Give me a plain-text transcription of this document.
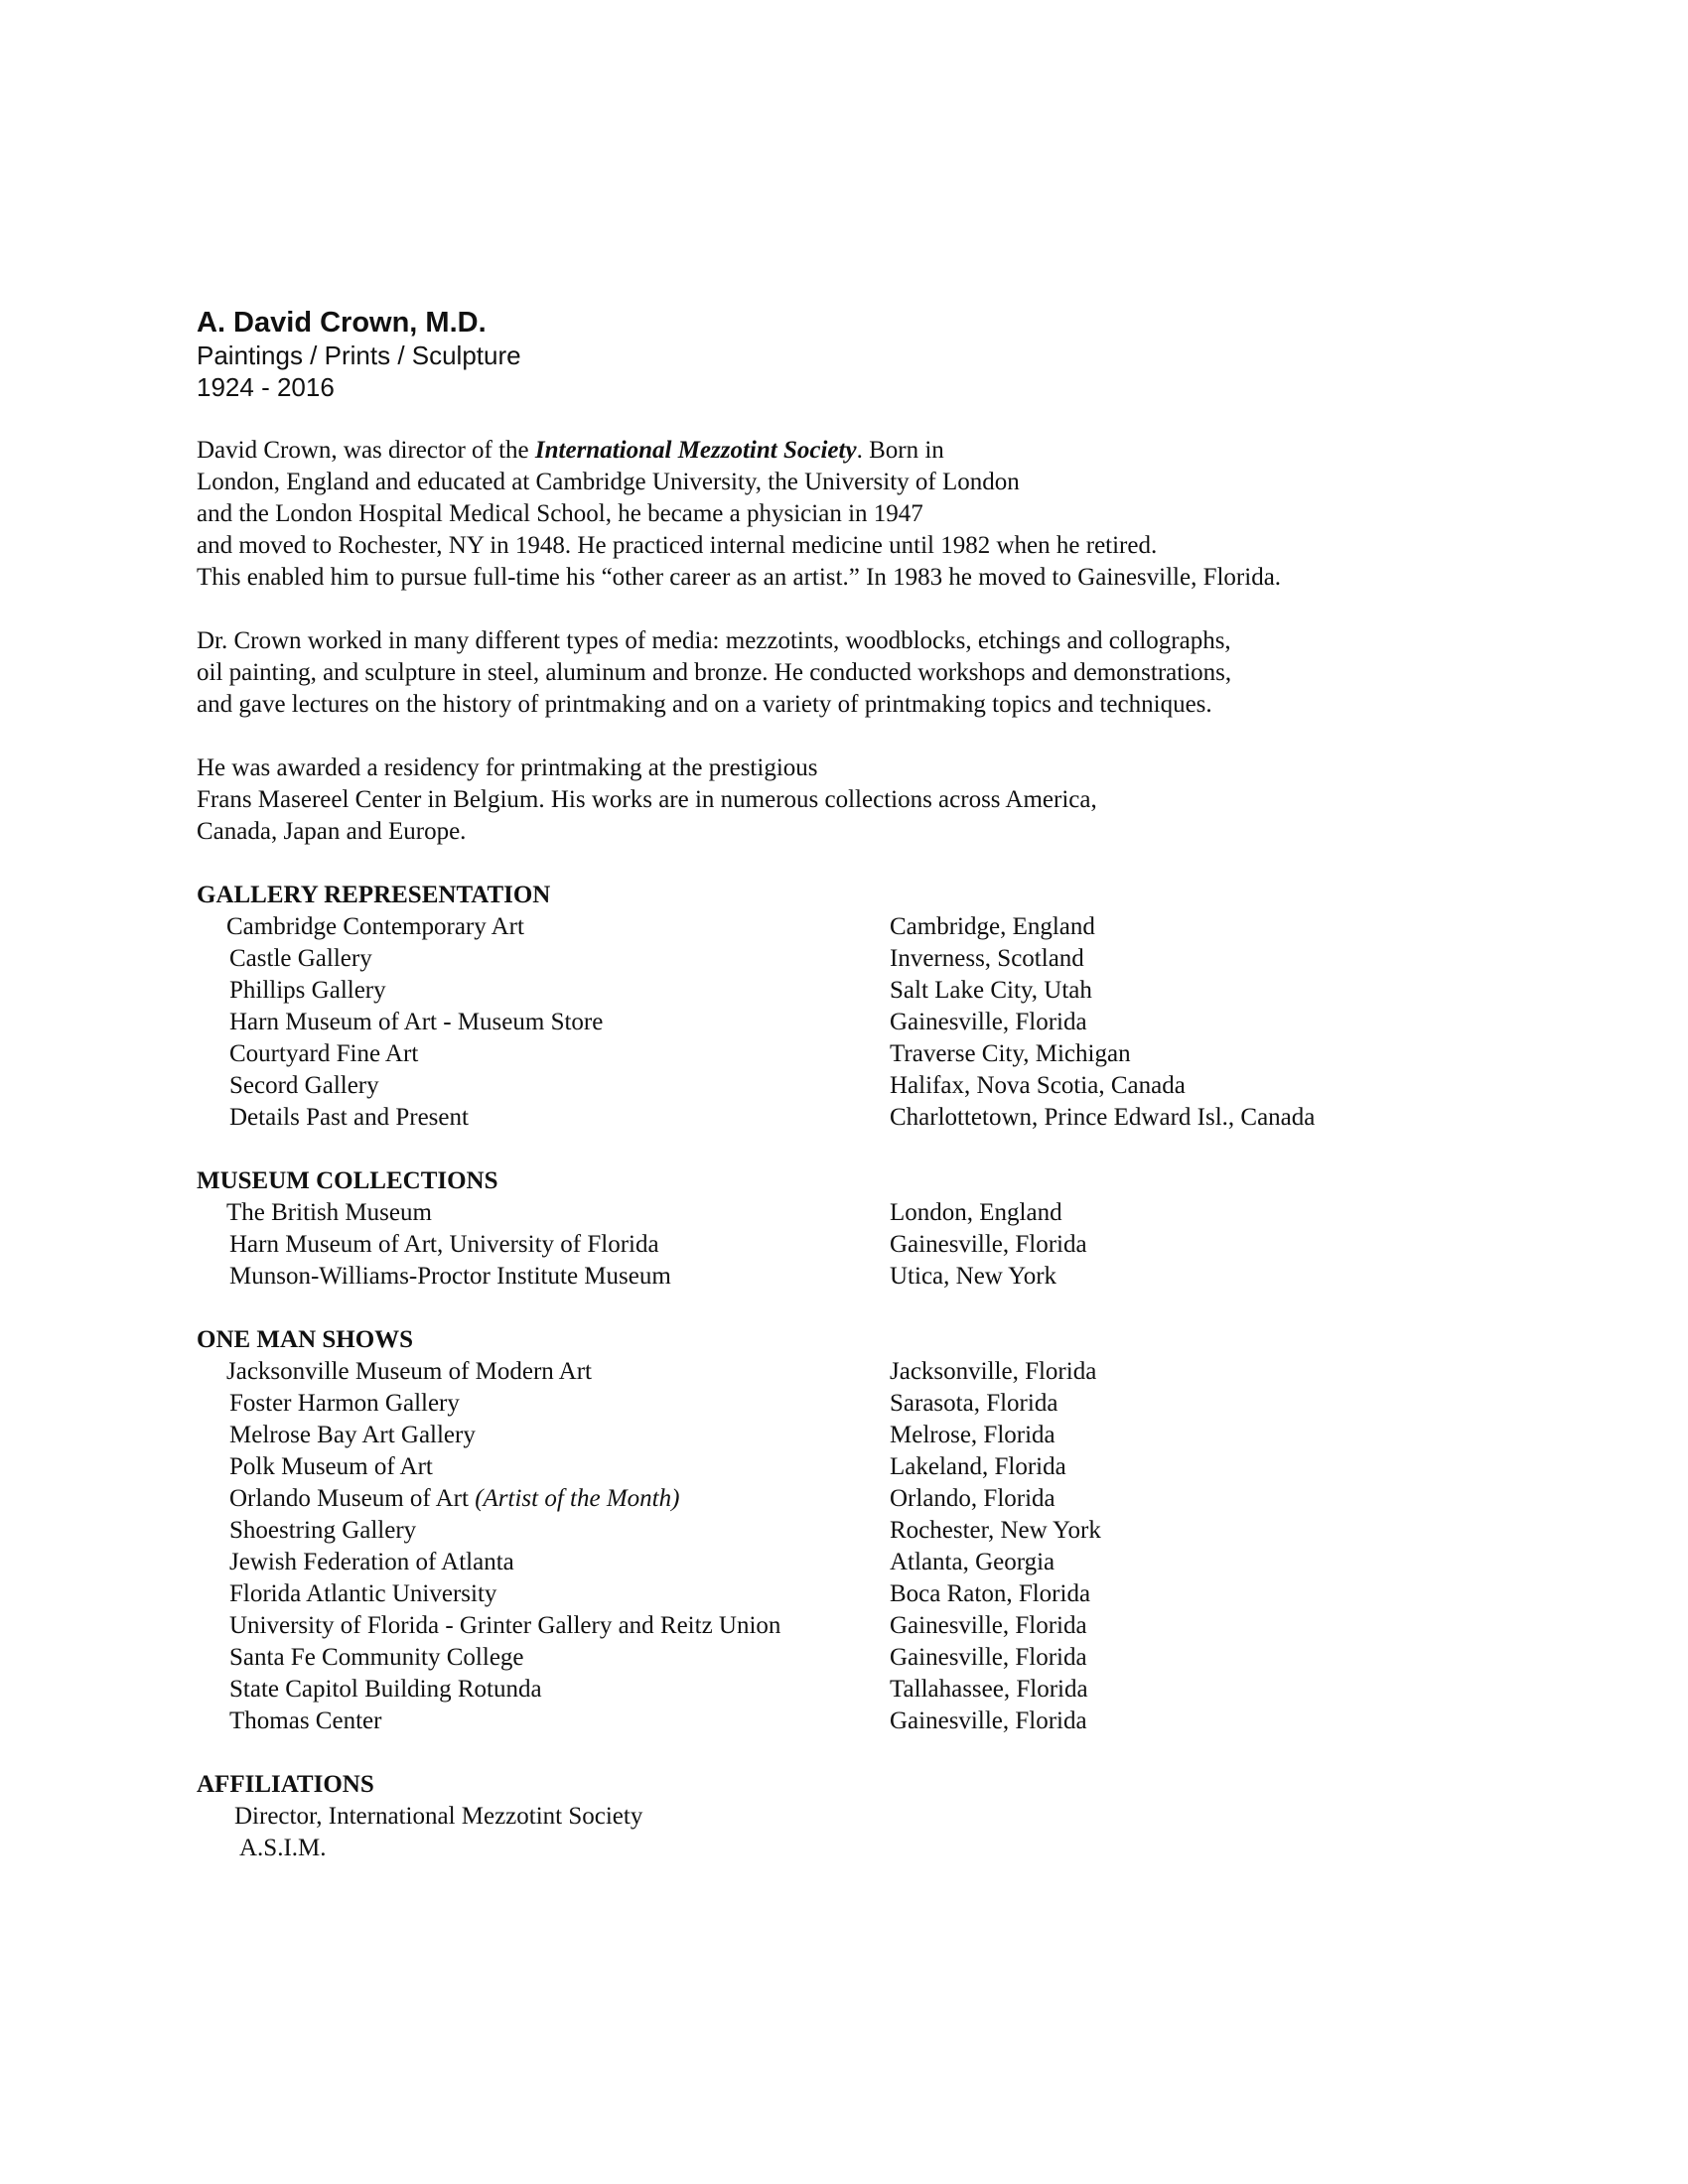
A. David Crown, M.D.

Paintings / Prints / Sculpture

1924 - 2016

David Crown, was director of the International Mezzotint Society. Born in
London, England and educated at Cambridge University, the University of London
and the London Hospital Medical School, he became a physician in 1947
and moved to Rochester, NY in 1948. He practiced internal medicine until 1982 when he retired.
This enabled him to pursue full-time his “other career as an artist.” In 1983 he moved to Gainesville, Florida.

Dr. Crown worked in many different types of media: mezzotints, woodblocks, etchings and collographs,
oil painting, and sculpture in steel, aluminum and bronze. He conducted workshops and demonstrations,
and gave lectures on the history of printmaking and on a variety of printmaking topics and techniques.

He was awarded a residency for printmaking at the prestigious
Frans Masereel Center in Belgium. His works are in numerous collections across America,
Canada, Japan and Europe.

GALLERY REPRESENTATION

Cambridge Contemporary Art	Cambridge, England
Castle Gallery	Inverness, Scotland
Phillips Gallery	Salt Lake City, Utah
Harn Museum of Art - Museum Store	Gainesville, Florida
Courtyard Fine Art	Traverse City, Michigan
Secord Gallery	Halifax, Nova Scotia, Canada
Details Past and Present	Charlottetown, Prince Edward Isl., Canada

MUSEUM COLLECTIONS

The British Museum	London, England
Harn Museum of Art, University of Florida	Gainesville, Florida
Munson-Williams-Proctor Institute Museum	Utica, New York

ONE MAN SHOWS

Jacksonville Museum of Modern Art	Jacksonville, Florida
Foster Harmon Gallery	Sarasota, Florida
Melrose Bay Art Gallery	Melrose, Florida
Polk Museum of Art	Lakeland, Florida
Orlando Museum of Art (Artist of the Month)	Orlando, Florida
Shoestring Gallery	Rochester, New York
Jewish Federation of Atlanta	Atlanta, Georgia
Florida Atlantic University	Boca Raton, Florida
University of Florida - Grinter Gallery and Reitz Union	Gainesville, Florida
Santa Fe Community College	Gainesville, Florida
State Capitol Building Rotunda	Tallahassee, Florida
Thomas Center	Gainesville, Florida

AFFILIATIONS

Director, International Mezzotint Society
A.S.I.M.
